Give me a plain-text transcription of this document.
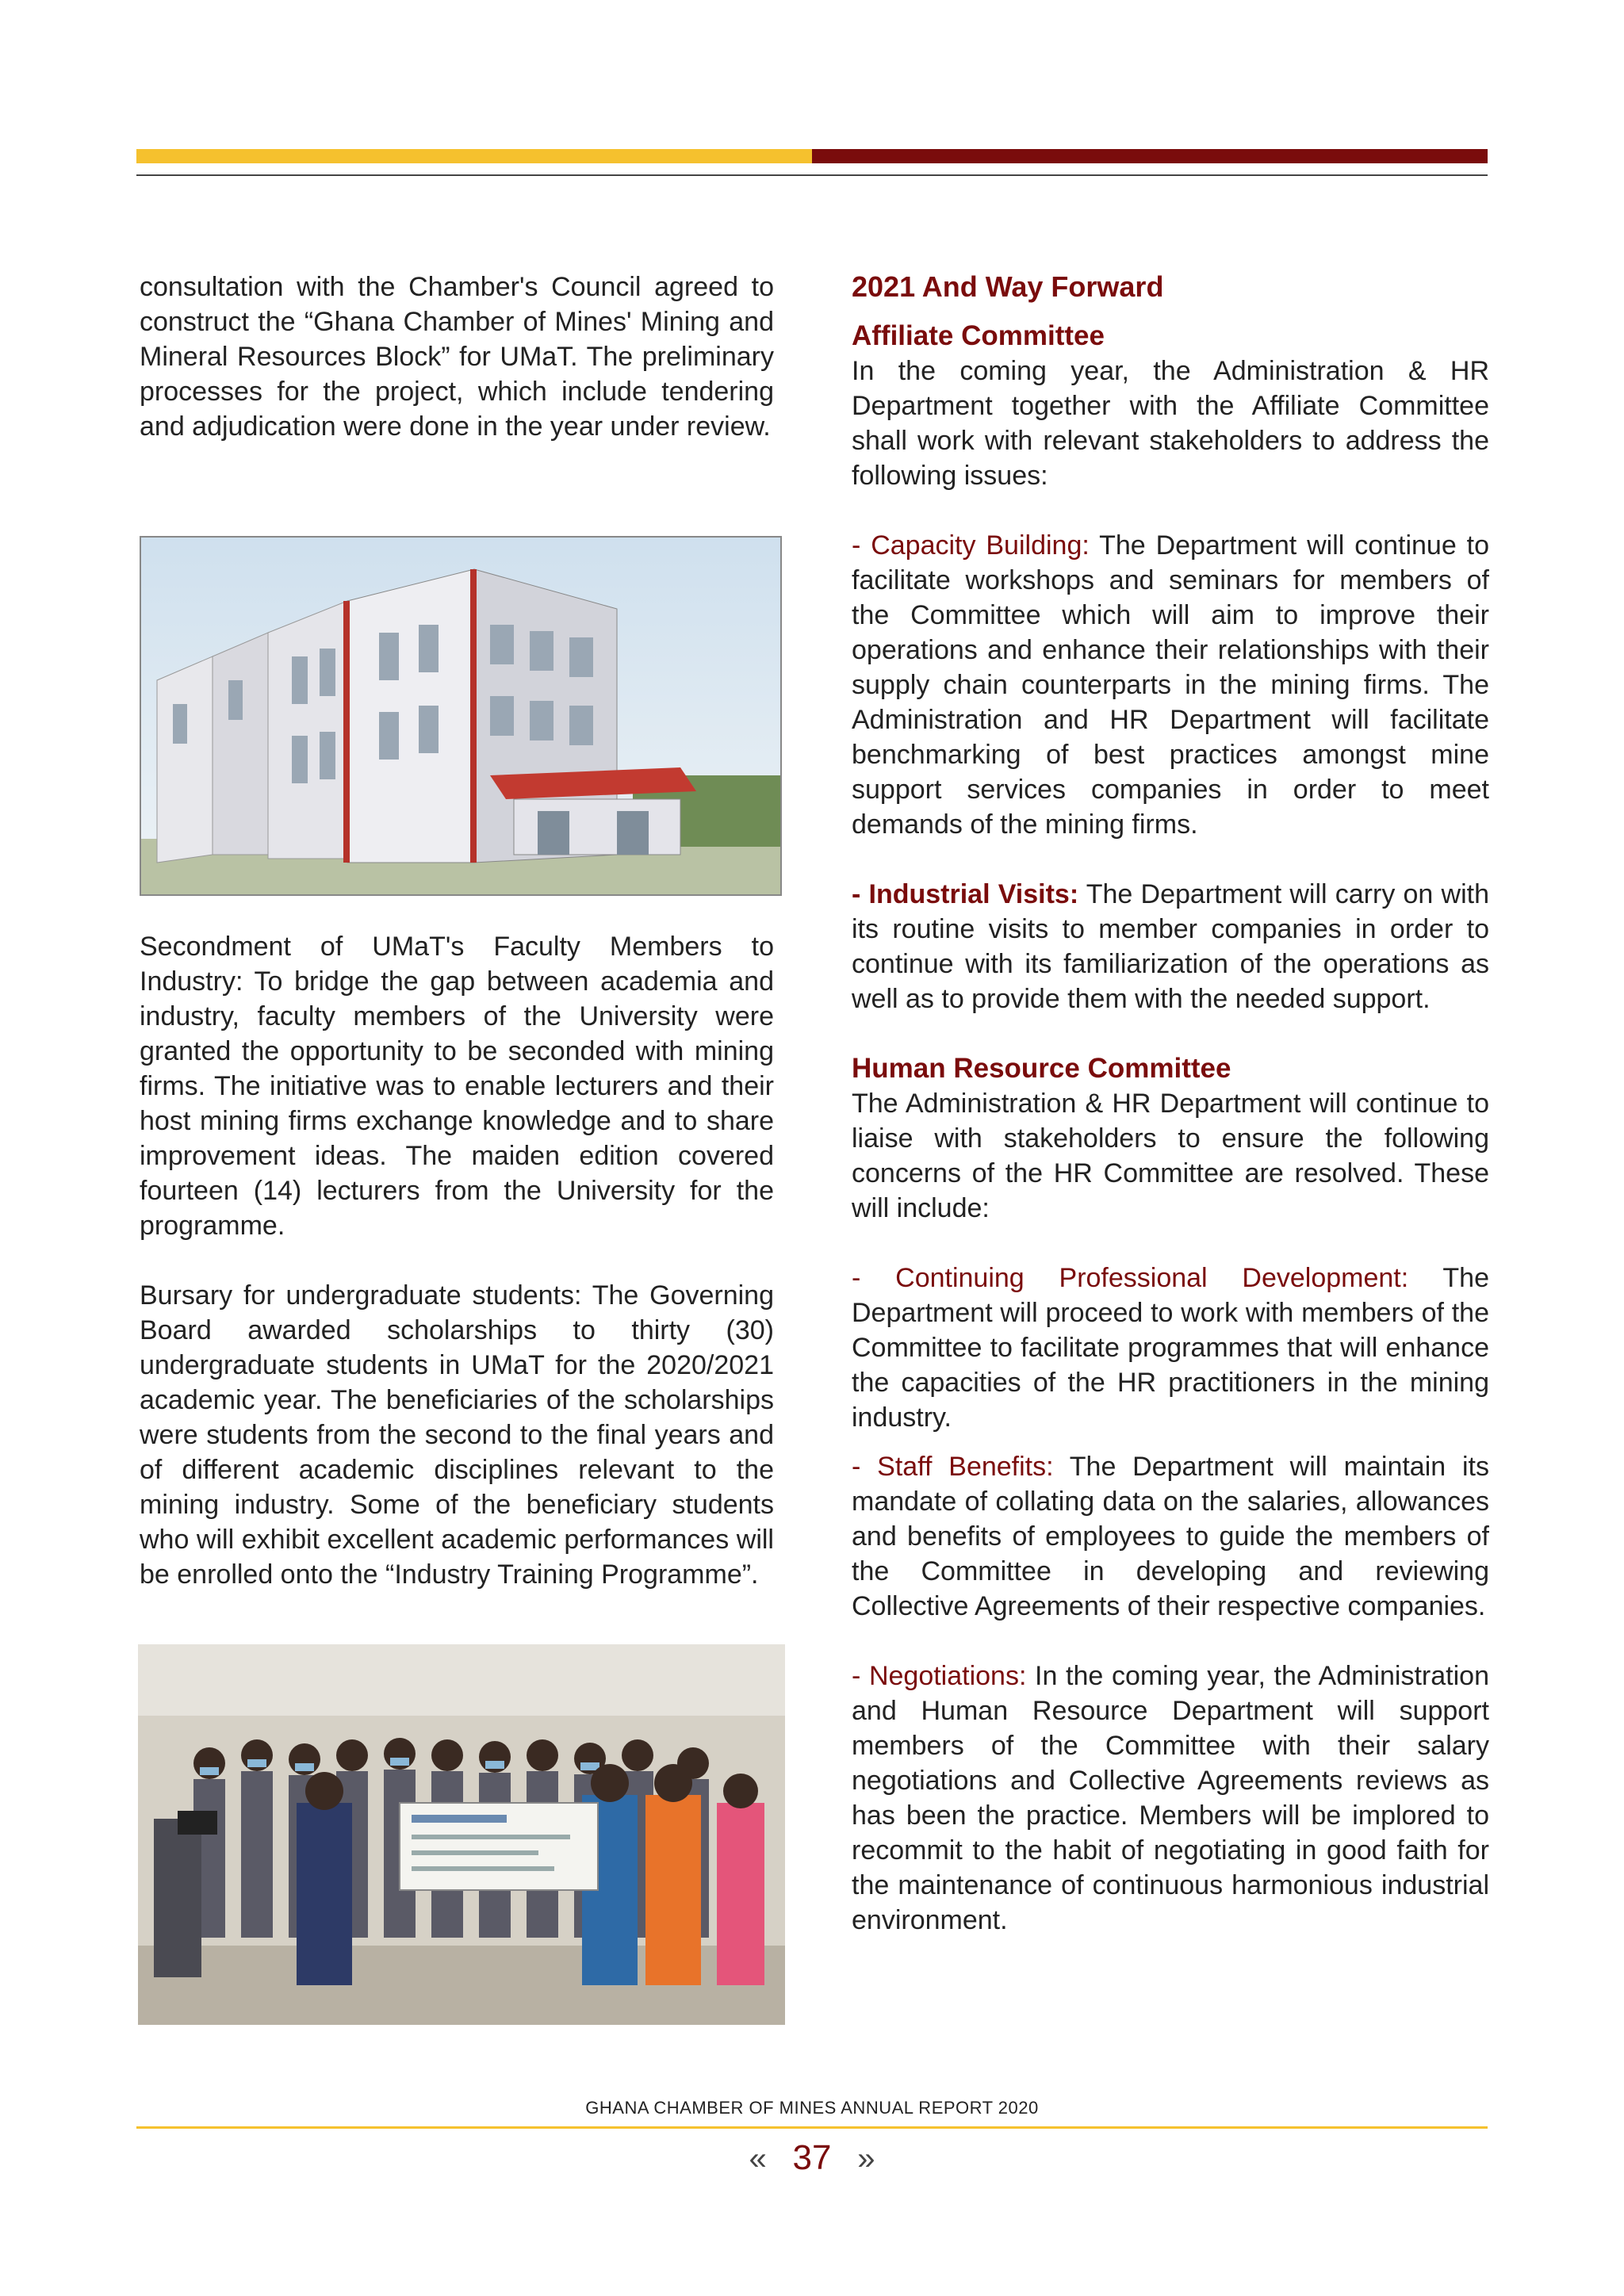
consultation with the Chamber's Council agreed to construct the “Ghana Chamber of Mines' Mining and Mineral Resources Block” for UMaT. The preliminary processes for the project, which include tendering and adjudication were done in the year under review.

Secondment of UMaT's Faculty Members to Industry: To bridge the gap between academia and industry, faculty members of the University were granted the opportunity to be seconded with mining firms. The initiative was to enable lecturers and their host mining firms exchange knowledge and to share improvement ideas. The maiden edition covered fourteen (14) lecturers from the University for the programme.

Bursary for undergraduate students: The Governing Board awarded scholarships to thirty (30) undergraduate students in UMaT for the 2020/2021 academic year. The beneficiaries of the scholarships were students from the second to the final years and of different academic disciplines relevant to the mining industry. Some of the beneficiary students who will exhibit excellent academic performances will be enrolled onto the “Industry Training Programme”.

2021 And Way Forward

Affiliate Committee

In the coming year, the Administration & HR Department together with the Affiliate Committee shall work with relevant stakeholders to address the following issues:

- Capacity Building: The Department will continue to facilitate workshops and seminars for members of the Committee which will aim to improve their operations and enhance their relationships with their supply chain counterparts in the mining firms. The Administration and HR Department will facilitate benchmarking of best practices amongst mine support services companies in order to meet demands of the mining firms.

- Industrial Visits: The Department will carry on with its routine visits to member companies in order to continue with its familiarization of the operations as well as to provide them with the needed support.

Human Resource Committee

The Administration & HR Department will continue to liaise with stakeholders to ensure the following concerns of the HR Committee are resolved. These will include:

- Continuing Professional Development: The Department will proceed to work with members of the Committee to facilitate programmes that will enhance the capacities of the HR practitioners in the mining industry.

- Staff Benefits: The Department will maintain its mandate of collating data on the salaries, allowances and benefits of employees to guide the members of the Committee in developing and reviewing Collective Agreements of their respective companies.

- Negotiations: In the coming year, the Administration and Human Resource Department will support members of the Committee with their salary negotiations and Collective Agreements reviews as has been the practice. Members will be implored to recommit to the habit of negotiating in good faith for the maintenance of continuous harmonious industrial environment.

GHANA CHAMBER OF MINES ANNUAL REPORT 2020
« 37 »
